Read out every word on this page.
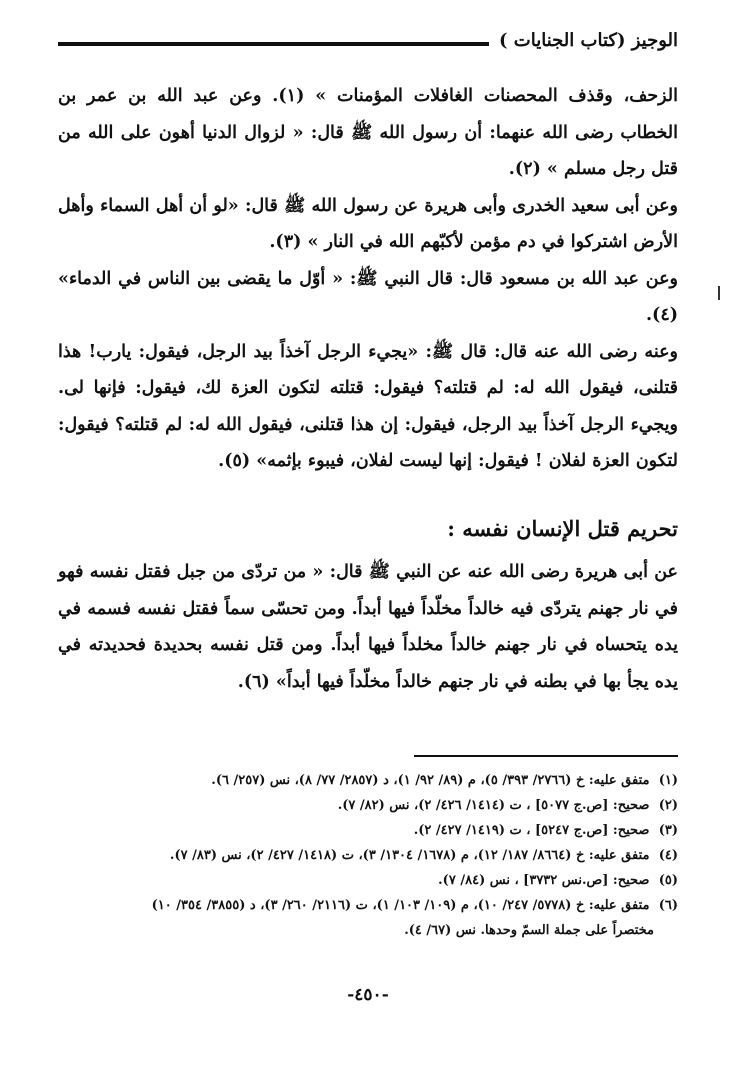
الوجيز (كتاب الجنايات )

الزحف، وقذف المحصنات الغافلات المؤمنات » (١). وعن عبد الله بن عمر بن الخطاب رضى الله عنهما: أن رسول الله ﷺ قال: « لزوال الدنيا أهون على الله من قتل رجل مسلم » (٢).

وعن أبى سعيد الخدرى وأبى هريرة عن رسول الله ﷺ قال: «لو أن أهل السماء وأهل الأرض اشتركوا في دم مؤمن لأكبّهم الله في النار » (٣).

وعن عبد الله بن مسعود قال: قال النبي ﷺ: « أوّل ما يقضى بين الناس في الدماء» (٤).

وعنه رضى الله عنه قال: قال ﷺ: «يجيء الرجل آخذاً بيد الرجل، فيقول: يارب! هذا قتلنى، فيقول الله له: لم قتلته؟ فيقول: قتلته لتكون العزة لك، فيقول: فإنها لى. ويجيء الرجل آخذاً بيد الرجل، فيقول: إن هذا قتلنى، فيقول الله له: لم قتلته؟ فيقول: لتكون العزة لفلان ! فيقول: إنها ليست لفلان، فيبوء بإثمه» (٥).

تحريم قتل الإنسان نفسه :

عن أبى هريرة رضى الله عنه عن النبي ﷺ قال: « من تردّى من جبل فقتل نفسه فهو في نار جهنم يتردّى فيه خالداً مخلّداً فيها أبداً. ومن تحسّى سماً فقتل نفسه فسمه في يده يتحساه في نار جهنم خالداً مخلداً فيها أبداً. ومن قتل نفسه بحديدة فحديدته في يده يجأ بها في بطنه في نار جنهم خالداً مخلّداً فيها أبداً» (٦).

(١) متفق عليه: خ (٢٧٦٦/ ٣٩٣/ ٥)، م (٨٩/ ٩٢/ ١)، د (٢٨٥٧/ ٧٧/ ٨)، نس (٢٥٧/ ٦).

(٢) صحيح: [ص.ج ٥٠٧٧] ، ت (١٤١٤/ ٤٢٦/ ٢)، نس (٨٢/ ٧).

(٣) صحيح: [ص.ج ٥٢٤٧] ، ت (١٤١٩/ ٤٢٧/ ٢).

(٤) متفق عليه: خ (٨٦٦٤/ ١٨٧/ ١٢)، م (١٦٧٨/ ١٣٠٤/ ٣)، ت (١٤١٨/ ٤٢٧/ ٢)، نس (٨٣/ ٧).

(٥) صحيح: [ص.نس ٣٧٣٢] ، نس (٨٤/ ٧).

(٦) متفق عليه: خ (٥٧٧٨/ ٢٤٧/ ١٠)، م (١٠٩/ ١٠٣/ ١)، ت (٢١١٦/ ٢٦٠/ ٣)، د (٣٨٥٥/ ٣٥٤/ ١٠)

مختصراً على جملة السمّ وحدها. نس (٦٧/ ٤).

-٤٥٠-
